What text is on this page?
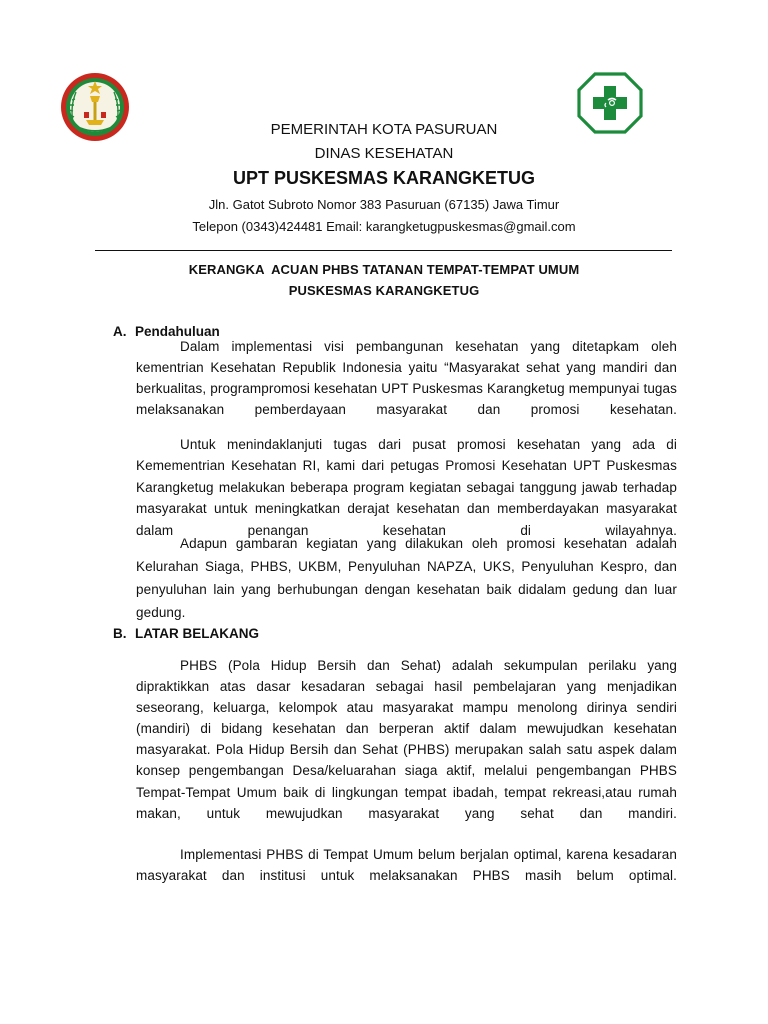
PEMERINTAH KOTA PASURUAN
DINAS KESEHATAN
UPT PUSKESMAS KARANGKETUG
Jln. Gatot Subroto Nomor 383 Pasuruan (67135) Jawa Timur
Telepon (0343)424481 Email: karangketugpuskesmas@gmail.com
KERANGKA  ACUAN PHBS TATANAN TEMPAT-TEMPAT UMUM
PUSKESMAS KARANGKETUG
A. Pendahuluan
Dalam implementasi visi pembangunan kesehatan yang ditetapkam oleh kementrian Kesehatan Republik Indonesia yaitu “Masyarakat sehat yang mandiri dan berkualitas, programpromosi kesehatan UPT Puskesmas Karangketug mempunyai tugas melaksanakan pemberdayaan masyarakat dan promosi kesehatan.
Untuk menindaklanjuti tugas dari pusat promosi kesehatan yang ada di Kemementrian Kesehatan RI, kami dari petugas Promosi Kesehatan UPT Puskesmas Karangketug melakukan beberapa program kegiatan sebagai tanggung jawab terhadap masyarakat untuk meningkatkan derajat kesehatan dan memberdayakan masyarakat dalam penangan kesehatan di wilayahnya.
Adapun gambaran kegiatan yang dilakukan oleh promosi kesehatan adalah Kelurahan Siaga, PHBS, UKBM, Penyuluhan NAPZA, UKS, Penyuluhan Kespro, dan penyuluhan lain yang berhubungan dengan kesehatan baik didalam gedung dan luar gedung.
B. LATAR BELAKANG
PHBS (Pola Hidup Bersih dan Sehat) adalah sekumpulan perilaku yang dipraktikkan atas dasar kesadaran sebagai hasil pembelajaran yang menjadikan seseorang, keluarga, kelompok atau masyarakat mampu menolong dirinya sendiri (mandiri) di bidang kesehatan dan berperan aktif dalam mewujudkan kesehatan masyarakat. Pola Hidup Bersih dan Sehat (PHBS) merupakan salah satu aspek dalam konsep pengembangan Desa/keluarahan siaga aktif, melalui pengembangan PHBS Tempat-Tempat Umum baik di lingkungan tempat ibadah, tempat rekreasi,atau rumah makan, untuk mewujudkan masyarakat yang sehat dan mandiri.
Implementasi PHBS di Tempat Umum belum berjalan optimal, karena kesadaran masyarakat dan institusi untuk melaksanakan PHBS masih belum optimal.
